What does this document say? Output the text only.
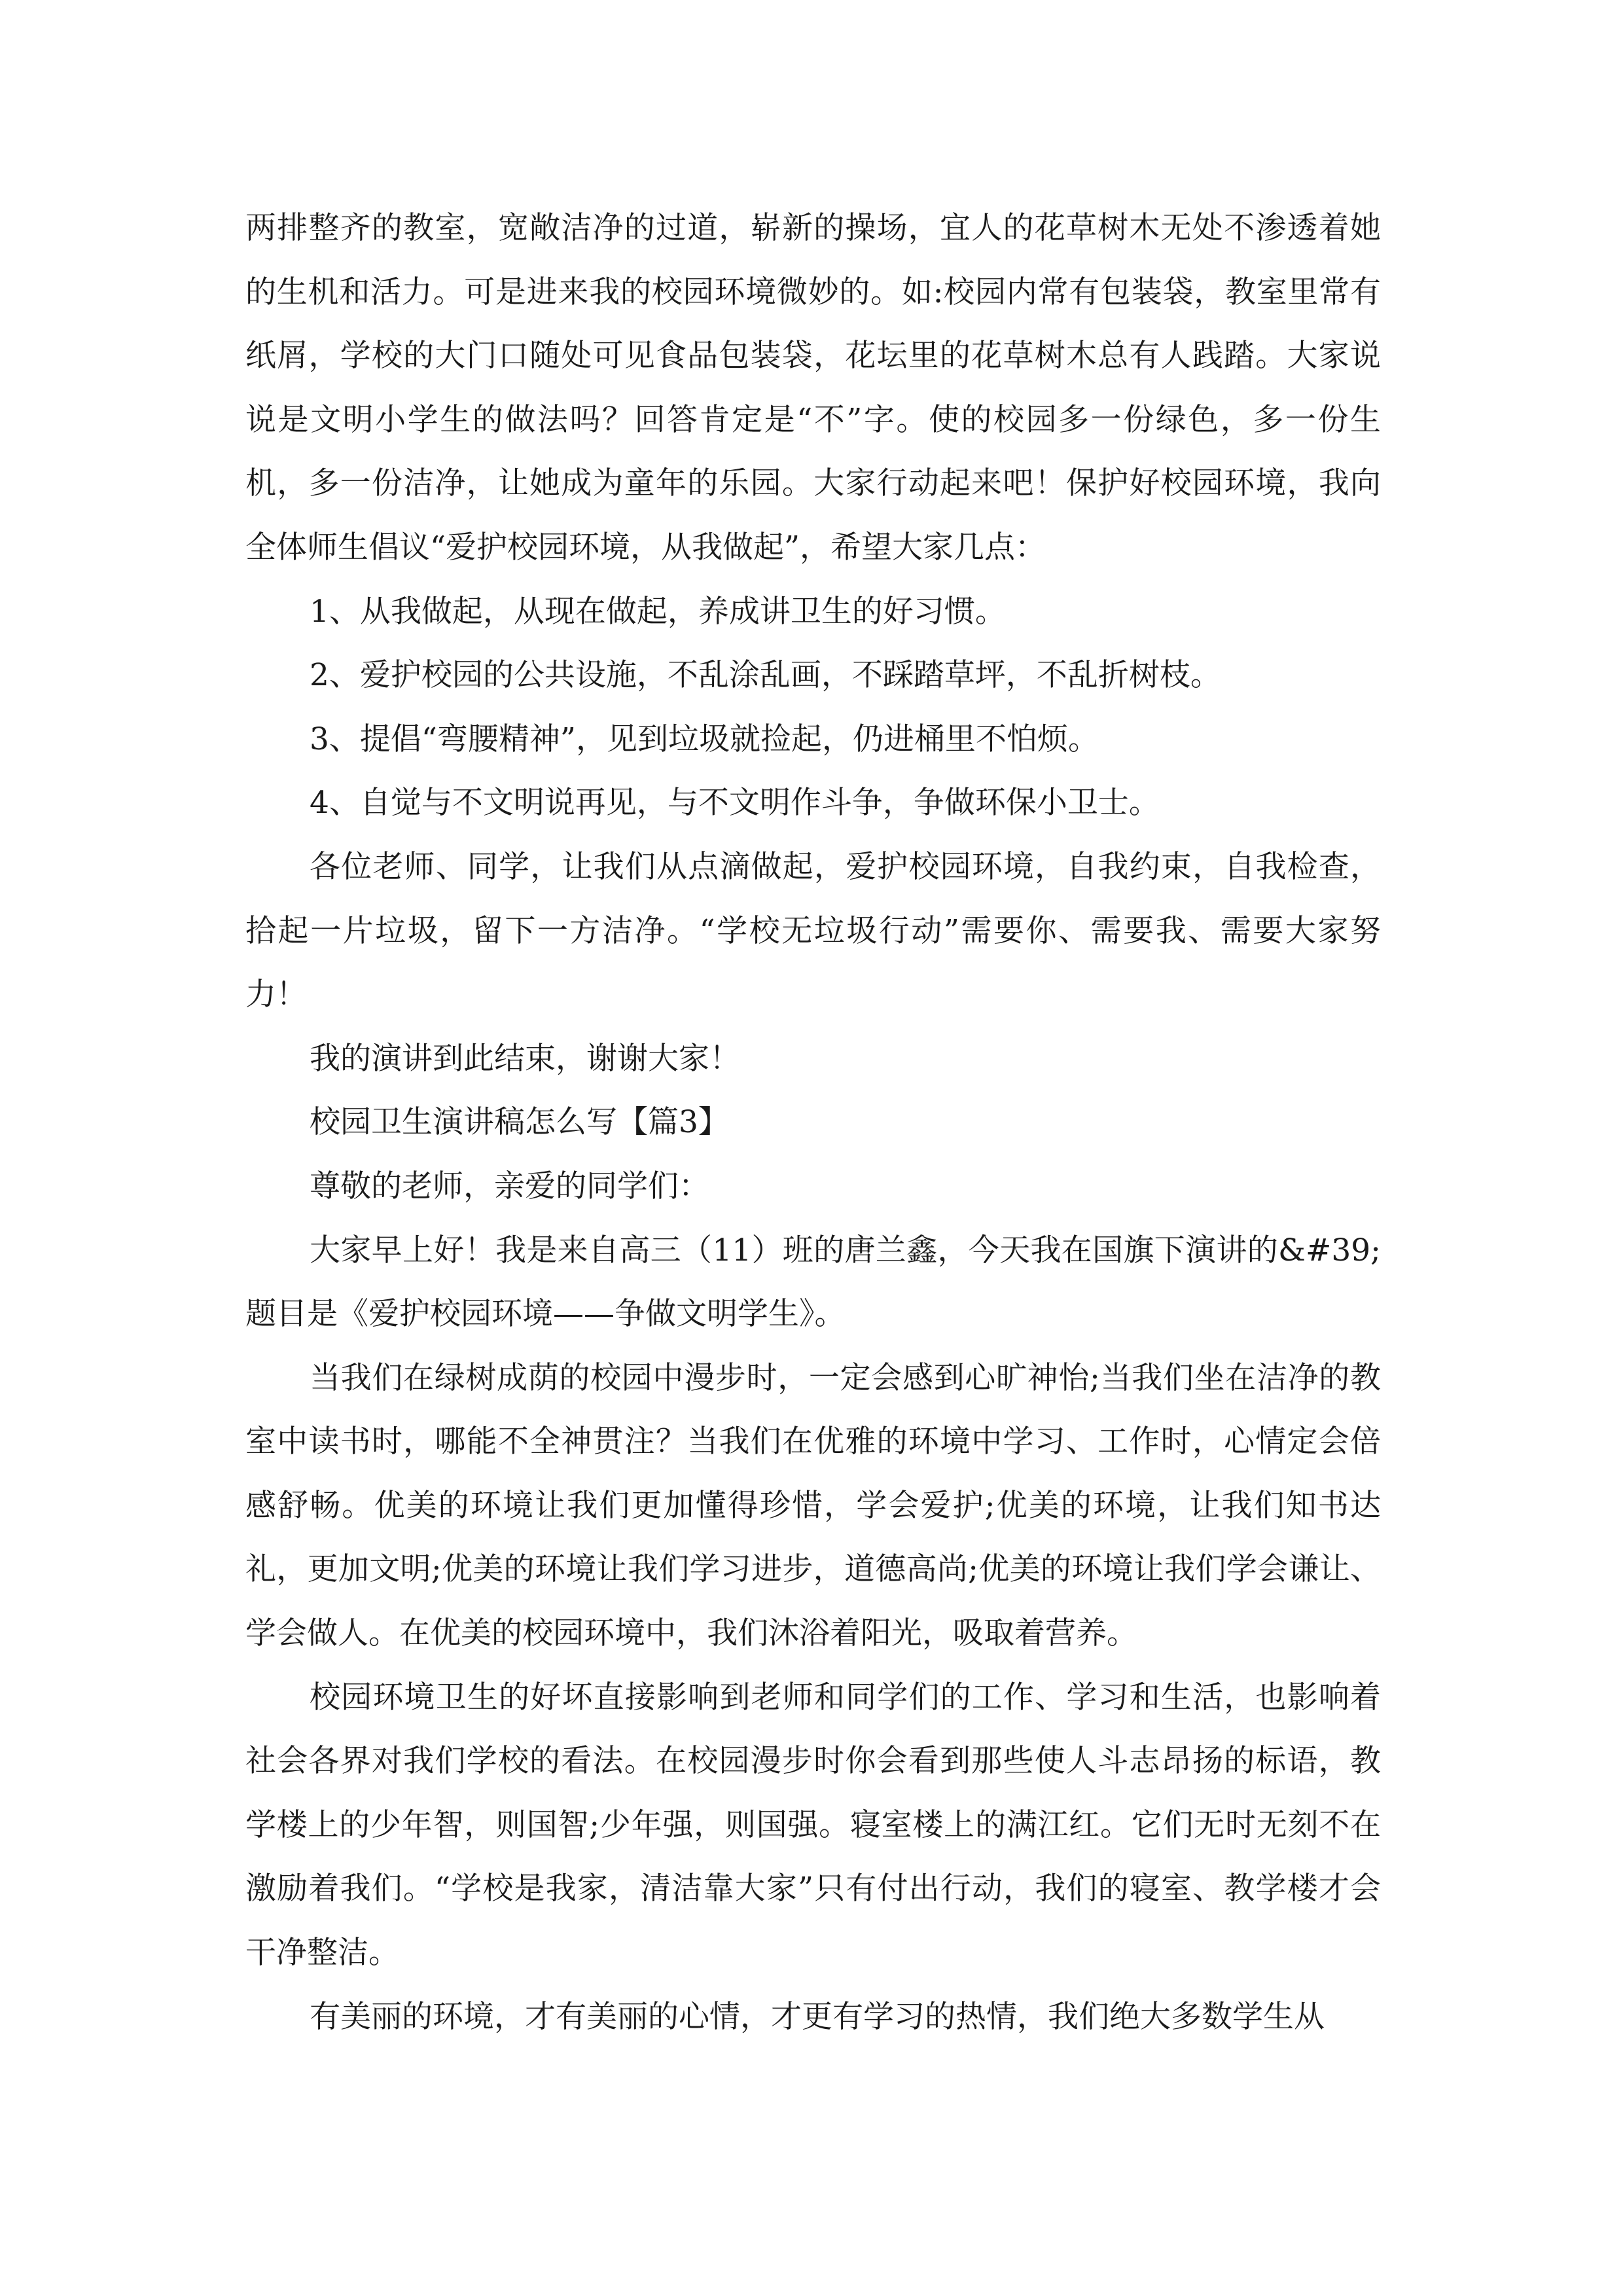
两排整齐的教室，宽敞洁净的过道，崭新的操场，宜人的花草树木无处不渗透着她的生机和活力。可是进来我的校园环境微妙的。如:校园内常有包装袋，教室里常有纸屑，学校的大门口随处可见食品包装袋，花坛里的花草树木总有人践踏。大家说说是文明小学生的做法吗？回答肯定是“不”字。使的校园多一份绿色，多一份生机，多一份洁净，让她成为童年的乐园。大家行动起来吧！保护好校园环境，我向全体师生倡议“爱护校园环境，从我做起”，希望大家几点：

1、从我做起，从现在做起，养成讲卫生的好习惯。

2、爱护校园的公共设施，不乱涂乱画，不踩踏草坪，不乱折树枝。

3、提倡“弯腰精神”，见到垃圾就捡起，仍进桶里不怕烦。

4、自觉与不文明说再见，与不文明作斗争，争做环保小卫士。

各位老师、同学，让我们从点滴做起，爱护校园环境，自我约束，自我检查，拾起一片垃圾，留下一方洁净。“学校无垃圾行动”需要你、需要我、需要大家努力！

我的演讲到此结束，谢谢大家！

校园卫生演讲稿怎么写【篇3】

尊敬的老师，亲爱的同学们：

大家早上好！我是来自高三（11）班的唐兰鑫，今天我在国旗下演讲的&#39;题目是《爱护校园环境——争做文明学生》。

当我们在绿树成荫的校园中漫步时，一定会感到心旷神怡;当我们坐在洁净的教室中读书时，哪能不全神贯注？当我们在优雅的环境中学习、工作时，心情定会倍感舒畅。优美的环境让我们更加懂得珍惜，学会爱护;优美的环境，让我们知书达礼，更加文明;优美的环境让我们学习进步，道德高尚;优美的环境让我们学会谦让、学会做人。在优美的校园环境中，我们沐浴着阳光，吸取着营养。

校园环境卫生的好坏直接影响到老师和同学们的工作、学习和生活，也影响着社会各界对我们学校的看法。在校园漫步时你会看到那些使人斗志昂扬的标语，教学楼上的少年智，则国智;少年强，则国强。寝室楼上的满江红。它们无时无刻不在激励着我们。“学校是我家，清洁靠大家”只有付出行动，我们的寝室、教学楼才会干净整洁。

有美丽的环境，才有美丽的心情，才更有学习的热情，我们绝大多数学生从
